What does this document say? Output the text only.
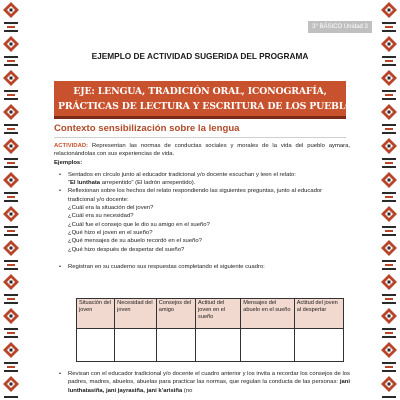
3° BÁSICO Unidad 3
EJEMPLO DE ACTIVIDAD SUGERIDA DEL PROGRAMA
EJE: LENGUA, TRADICIÓN ORAL, ICONOGRAFÍA,
PRÁCTICAS DE LECTURA Y ESCRITURA DE LOS PUEBLOS
Contexto sensibilización sobre la lengua

ACTIVIDAD: Representan las normas de conductas sociales y morales de la vida del pueblo aymara, relacionándolas con sus experiencias de vida.

Ejemplos:

• Sentados en círculo junto al educador tradicional y/o docente escuchan y leen el relato:
“El lunthata arrepentido” (El ladrón arrepentido).
• Reflexionan sobre los hechos del relato respondiendo las siguientes preguntas, junto al educador tradicional y/o docente:
¿Cuál era la situación del joven?
¿Cuál era su necesidad?
¿Cuál fue el consejo que le dio su amigo en el sueño?
¿Qué hizo el joven en el sueño?
¿Qué mensajes de su abuelo recordó en el sueño?
¿Qué hizo después de despertar del sueño?
• Registran en su cuaderno sus respuestas completando el siguiente cuadro:
Situación del joven	Necesidad del joven	Consejos del amigo	Actitud del joven en el sueño	Mensajes del abuelo en el sueño	Actitud del joven al despertar

• Revisan con el educador tradicional y/o docente el cuadro anterior y los invita a recordar los consejos de los padres, madres, abuelos, abuelas para practicar las normas, que regulan la conducta de las personas: jani lunthatasiña, jani jayrasiña, jani k’arisiña (no
